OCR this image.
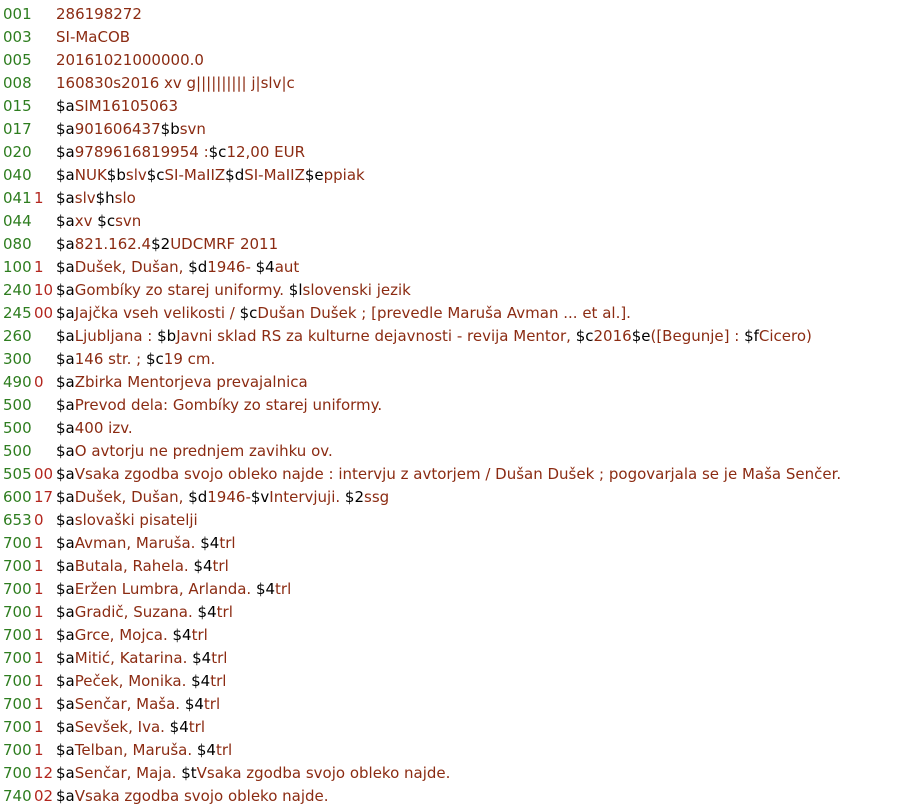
001 286198272
003 SI-MaCOB
005 20161021000000.0
008 160830s2016 xv g|||||||||| j|slv|c
015 $aSIM16105063
017 $a901606437$bsvn
020 $a9789616819954 :$c12,00 EUR
040 $aNUK$bslv$cSI-MaIIZ$dSI-MaIIZ$eppiak
041 1 $aslv$hslo
044 $axv $csvn
080 $a821.162.4$2UDCMRF 2011
100 1 $aDušek, Dušan, $d1946- $4aut
240 10 $aGombíky zo starej uniformy. $lslovenski jezik
245 00 $aJajčka vseh velikosti / $cDušan Dušek ; [prevedle Maruša Avman ... et al.].
260 $aLjubljana : $bJavni sklad RS za kulturne dejavnosti - revija Mentor, $c2016$e([Begunje] : $fCicero)
300 $a146 str. ; $c19 cm.
490 0 $aZbirka Mentorjeva prevajalnica
500 $aPrevod dela: Gombíky zo starej uniformy.
500 $a400 izv.
500 $aO avtorju ne prednjem zavihku ov.
505 00 $aVsaka zgodba svojo obleko najde : intervju z avtorjem / Dušan Dušek ; pogovarjala se je Maša Senčer.
600 17 $aDušek, Dušan, $d1946-$vIntervjuji. $2ssg
653 0 $aslovaški pisatelji
700 1 $aAvman, Maruša. $4trl
700 1 $aButala, Rahela. $4trl
700 1 $aEržen Lumbra, Arlanda. $4trl
700 1 $aGradič, Suzana. $4trl
700 1 $aGrce, Mojca. $4trl
700 1 $aMitić, Katarina. $4trl
700 1 $aPeček, Monika. $4trl
700 1 $aSenčar, Maša. $4trl
700 1 $aSevšek, Iva. $4trl
700 1 $aTelban, Maruša. $4trl
700 12 $aSenčar, Maja. $tVsaka zgodba svojo obleko najde.
740 02 $aVsaka zgodba svojo obleko najde.
